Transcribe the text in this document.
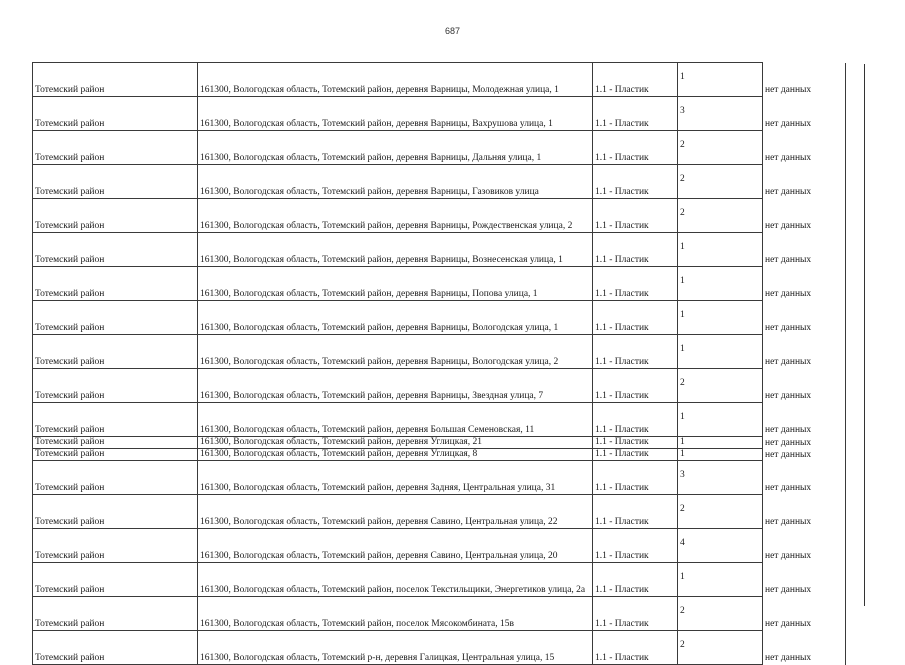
687
Тотемский район	161300, Вологодская область, Тотемский район, деревня Варницы, Молодежная улица, 1	1.1 - Пластик	1	нет данных
Тотемский район	161300, Вологодская область, Тотемский район, деревня Варницы, Вахрушова улица, 1	1.1 - Пластик	3	нет данных
Тотемский район	161300, Вологодская область, Тотемский район, деревня Варницы, Дальняя улица, 1	1.1 - Пластик	2	нет данных
Тотемский район	161300, Вологодская область, Тотемский район, деревня Варницы, Газовиков улица	1.1 - Пластик	2	нет данных
Тотемский район	161300, Вологодская область, Тотемский район, деревня Варницы, Рождественская улица, 2	1.1 - Пластик	2	нет данных
Тотемский район	161300, Вологодская область, Тотемский район, деревня Варницы, Вознесенская улица, 1	1.1 - Пластик	1	нет данных
Тотемский район	161300, Вологодская область, Тотемский район, деревня Варницы, Попова улица, 1	1.1 - Пластик	1	нет данных
Тотемский район	161300, Вологодская область, Тотемский район, деревня Варницы, Вологодская улица, 1	1.1 - Пластик	1	нет данных
Тотемский район	161300, Вологодская область, Тотемский район, деревня Варницы, Вологодская улица, 2	1.1 - Пластик	1	нет данных
Тотемский район	161300, Вологодская область, Тотемский район, деревня Варницы, Звездная улица, 7	1.1 - Пластик	2	нет данных
Тотемский район	161300, Вологодская область, Тотемский район, деревня Большая Семеновская, 11	1.1 - Пластик	1	нет данных
Тотемский район	161300, Вологодская область, Тотемский район, деревня Углицкая, 21	1.1 - Пластик	1	нет данных
Тотемский район	161300, Вологодская область, Тотемский район, деревня Углицкая, 8	1.1 - Пластик	1	нет данных
Тотемский район	161300, Вологодская область, Тотемский район, деревня Задняя, Центральная улица, 31	1.1 - Пластик	3	нет данных
Тотемский район	161300, Вологодская область, Тотемский район, деревня Савино, Центральная улица, 22	1.1 - Пластик	2	нет данных
Тотемский район	161300, Вологодская область, Тотемский район, деревня Савино, Центральная улица, 20	1.1 - Пластик	4	нет данных
Тотемский район	161300, Вологодская область, Тотемский район, поселок Текстильщики, Энергетиков улица, 2а	1.1 - Пластик	1	нет данных
Тотемский район	161300, Вологодская область, Тотемский район, поселок Мясокомбината, 15в	1.1 - Пластик	2	нет данных
Тотемский район	161300, Вологодская область, Тотемский р-н, деревня Галицкая, Центральная улица, 15	1.1 - Пластик	2	нет данных
